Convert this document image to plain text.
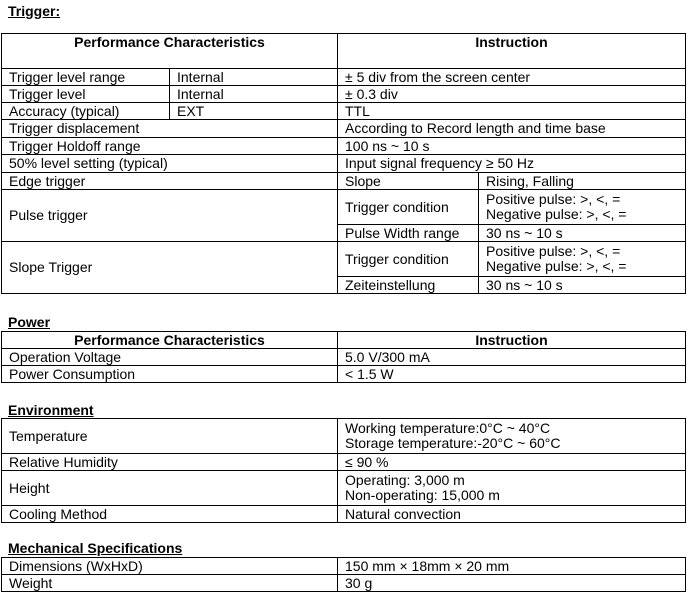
Trigger:
Performance Characteristics		Instruction	
Trigger level range	Internal	± 5 div from the screen center	
Trigger level	Internal	± 0.3 div	
Accuracy (typical)	EXT	TTL	
Trigger displacement		According to Record length and time base	
Trigger Holdoff range		100 ns ~ 10 s	
50% level setting (typical)		Input signal frequency ≥ 50 Hz	
Edge trigger		Slope	Rising, Falling
Pulse trigger		Trigger condition	Positive pulse: >, <, =
Negative pulse: >, <, =

		Pulse Width range	30 ns ~ 10 s
Slope Trigger		Trigger condition	Positive pulse: >, <, =
Negative pulse: >, <, =

		Zeiteinstellung	30 ns ~ 10 s
Power
Performance Characteristics	Instruction
Operation Voltage	5.0 V/300 mA
Power Consumption	< 1.5 W
Environment
Temperature	Working temperature:0°C ~ 40°C
Storage temperature:-20°C ~ 60°C

Relative Humidity	≤ 90 %
Height	Operating: 3,000 m
Non-operating: 15,000 m

Cooling Method	Natural convection
Mechanical Specifications
Dimensions (WxHxD)	150 mm × 18mm × 20 mm
Weight	30 g
